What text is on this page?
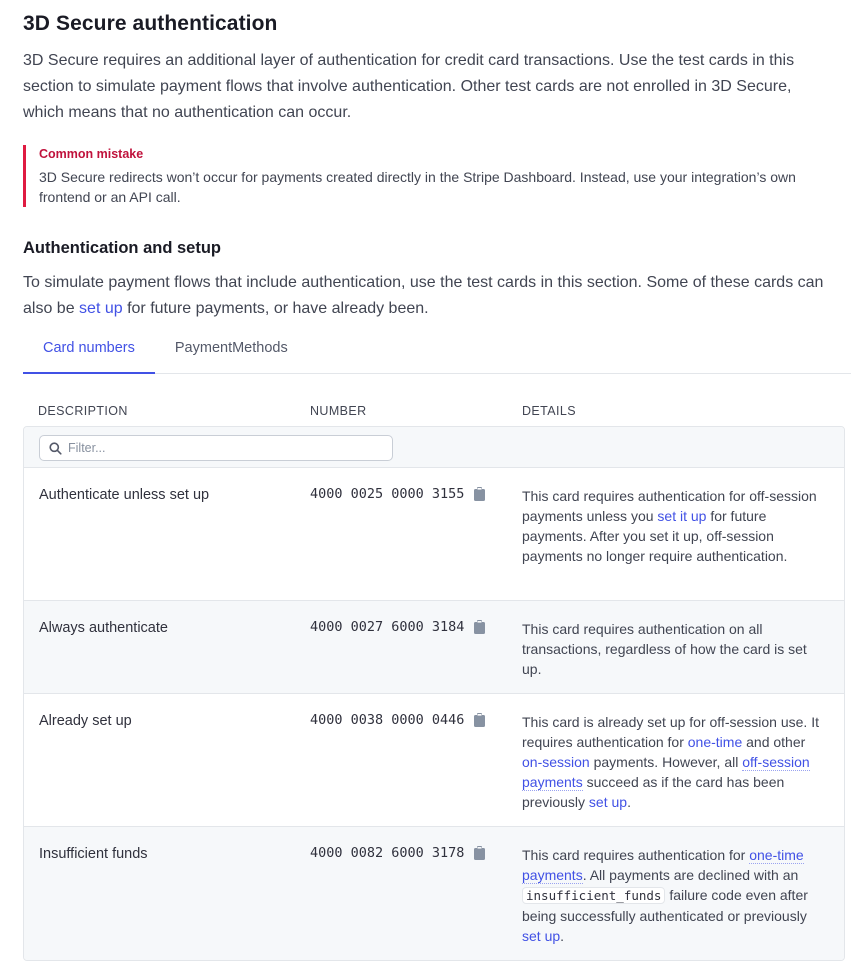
3D Secure authentication

3D Secure requires an additional layer of authentication for credit card transactions. Use the test cards in this section to simulate payment flows that involve authentication. Other test cards are not enrolled in 3D Secure, which means that no authentication can occur.

Common mistake
3D Secure redirects won’t occur for payments created directly in the Stripe Dashboard. Instead, use your integration’s own frontend or an API call.
Authentication and setup

To simulate payment flows that include authentication, use the test cards in this section. Some of these cards can also be set up for future payments, or have already been.

Card numbers	PaymentMethods
DESCRIPTION	NUMBER	DETAILS
Filter...
Authenticate unless set up	4000 0025 0000 3155	This card requires authentication for off-session payments unless you set it up for future payments. After you set it up, off-session payments no longer require authentication.
Always authenticate	4000 0027 6000 3184	This card requires authentication on all transactions, regardless of how the card is set up.
Already set up	4000 0038 0000 0446	This card is already set up for off-session use. It requires authentication for one-time and other on-session payments. However, all off-session payments succeed as if the card has been previously set up.
Insufficient funds	4000 0082 6000 3178	This card requires authentication for one-time payments. All payments are declined with an insufficient_funds failure code even after being successfully authenticated or previously set up.
